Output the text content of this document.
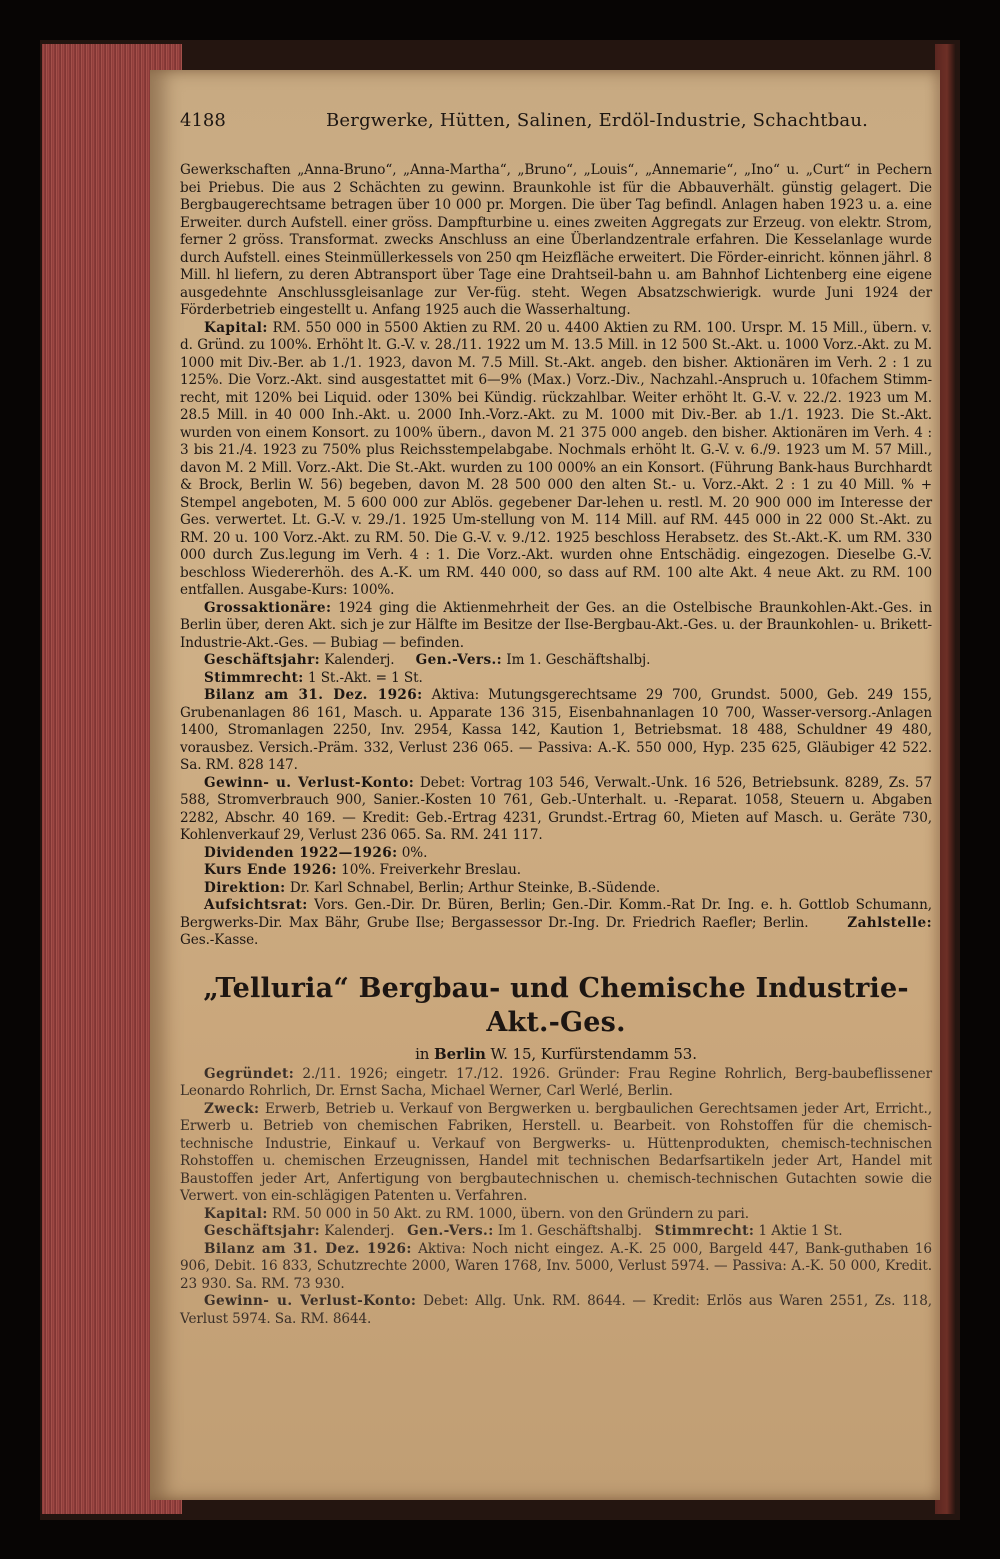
4188	Bergwerke, Hütten, Salinen, Erdöl-Industrie, Schachtbau.

Gewerkschaften „Anna-Bruno“, „Anna-Martha“, „Bruno“, „Louis“, „Annemarie“, „Ino“ u. „Curt“ in Pechern bei Priebus. Die aus 2 Schächten zu gewinn. Braunkohle ist für die Abbauverhält. günstig gelagert. Die Bergbaugerechtsame betragen über 10 000 pr. Morgen. Die über Tag befindl. Anlagen haben 1923 u. a. eine Erweiter. durch Aufstell. einer gröss. Dampfturbine u. eines zweiten Aggregats zur Erzeug. von elektr. Strom, ferner 2 gröss. Transformat. zwecks Anschluss an eine Überlandzentrale erfahren. Die Kesselanlage wurde durch Aufstell. eines Steinmüllerkessels von 250 qm Heizfläche erweitert. Die Förder-einricht. können jährl. 8 Mill. hl liefern, zu deren Abtransport über Tage eine Drahtseil-bahn u. am Bahnhof Lichtenberg eine eigene ausgedehnte Anschlussgleisanlage zur Ver-füg. steht. Wegen Absatzschwierigk. wurde Juni 1924 der Förderbetrieb eingestellt u. Anfang 1925 auch die Wasserhaltung.

Kapital: RM. 550 000 in 5500 Aktien zu RM. 20 u. 4400 Aktien zu RM. 100. Urspr. M. 15 Mill., übern. v. d. Gründ. zu 100%. Erhöht lt. G.-V. v. 28./11. 1922 um M. 13.5 Mill. in 12 500 St.-Akt. u. 1000 Vorz.-Akt. zu M. 1000 mit Div.-Ber. ab 1./1. 1923, davon M. 7.5 Mill. St.-Akt. angeb. den bisher. Aktionären im Verh. 2 : 1 zu 125%. Die Vorz.-Akt. sind ausgestattet mit 6—9% (Max.) Vorz.-Div., Nachzahl.-Anspruch u. 10fachem Stimm-recht, mit 120% bei Liquid. oder 130% bei Kündig. rückzahlbar. Weiter erhöht lt. G.-V. v. 22./2. 1923 um M. 28.5 Mill. in 40 000 Inh.-Akt. u. 2000 Inh.-Vorz.-Akt. zu M. 1000 mit Div.-Ber. ab 1./1. 1923. Die St.-Akt. wurden von einem Konsort. zu 100% übern., davon M. 21 375 000 angeb. den bisher. Aktionären im Verh. 4 : 3 bis 21./4. 1923 zu 750% plus Reichsstempelabgabe. Nochmals erhöht lt. G.-V. v. 6./9. 1923 um M. 57 Mill., davon M. 2 Mill. Vorz.-Akt. Die St.-Akt. wurden zu 100 000% an ein Konsort. (Führung Bank-haus Burchhardt & Brock, Berlin W. 56) begeben, davon M. 28 500 000 den alten St.- u. Vorz.-Akt. 2 : 1 zu 40 Mill. % + Stempel angeboten, M. 5 600 000 zur Ablös. gegebener Dar-lehen u. restl. M. 20 900 000 im Interesse der Ges. verwertet. Lt. G.-V. v. 29./1. 1925 Um-stellung von M. 114 Mill. auf RM. 445 000 in 22 000 St.-Akt. zu RM. 20 u. 100 Vorz.-Akt. zu RM. 50. Die G.-V. v. 9./12. 1925 beschloss Herabsetz. des St.-Akt.-K. um RM. 330 000 durch Zus.legung im Verh. 4 : 1. Die Vorz.-Akt. wurden ohne Entschädig. eingezogen. Dieselbe G.-V. beschloss Wiedererhöh. des A.-K. um RM. 440 000, so dass auf RM. 100 alte Akt. 4 neue Akt. zu RM. 100 entfallen. Ausgabe-Kurs: 100%.

Grossaktionäre: 1924 ging die Aktienmehrheit der Ges. an die Ostelbische Braunkohlen-Akt.-Ges. in Berlin über, deren Akt. sich je zur Hälfte im Besitze der Ilse-Bergbau-Akt.-Ges. u. der Braunkohlen- u. Brikett-Industrie-Akt.-Ges. — Bubiag — befinden.

Geschäftsjahr: Kalenderj. Gen.-Vers.: Im 1. Geschäftshalbj.

Stimmrecht: 1 St.-Akt. = 1 St.

Bilanz am 31. Dez. 1926: Aktiva: Mutungsgerechtsame 29 700, Grundst. 5000, Geb. 249 155, Grubenanlagen 86 161, Masch. u. Apparate 136 315, Eisenbahnanlagen 10 700, Wasser-versorg.-Anlagen 1400, Stromanlagen 2250, Inv. 2954, Kassa 142, Kaution 1, Betriebsmat. 18 488, Schuldner 49 480, vorausbez. Versich.-Präm. 332, Verlust 236 065. — Passiva: A.-K. 550 000, Hyp. 235 625, Gläubiger 42 522. Sa. RM. 828 147.

Gewinn- u. Verlust-Konto: Debet: Vortrag 103 546, Verwalt.-Unk. 16 526, Betriebsunk. 8289, Zs. 57 588, Stromverbrauch 900, Sanier.-Kosten 10 761, Geb.-Unterhalt. u. -Reparat. 1058, Steuern u. Abgaben 2282, Abschr. 40 169. — Kredit: Geb.-Ertrag 4231, Grundst.-Ertrag 60, Mieten auf Masch. u. Geräte 730, Kohlenverkauf 29, Verlust 236 065. Sa. RM. 241 117.

Dividenden 1922—1926: 0%.

Kurs Ende 1926: 10%. Freiverkehr Breslau.

Direktion: Dr. Karl Schnabel, Berlin; Arthur Steinke, B.-Südende.

Aufsichtsrat: Vors. Gen.-Dir. Dr. Büren, Berlin; Gen.-Dir. Komm.-Rat Dr. Ing. e. h. Gottlob Schumann, Bergwerks-Dir. Max Bähr, Grube Ilse; Bergassessor Dr.-Ing. Dr. Friedrich Raefler; Berlin.	Zahlstelle: Ges.-Kasse.

„Telluria“ Bergbau- und Chemische Industrie-Akt.-Ges.
in Berlin W. 15, Kurfürstendamm 53.

Gegründet: 2./11. 1926; eingetr. 17./12. 1926. Gründer: Frau Regine Rohrlich, Berg-baubeflissener Leonardo Rohrlich, Dr. Ernst Sacha, Michael Werner, Carl Werlé, Berlin.

Zweck: Erwerb, Betrieb u. Verkauf von Bergwerken u. bergbaulichen Gerechtsamen jeder Art, Erricht., Erwerb u. Betrieb von chemischen Fabriken, Herstell. u. Bearbeit. von Rohstoffen für die chemisch-technische Industrie, Einkauf u. Verkauf von Bergwerks- u. Hüttenprodukten, chemisch-technischen Rohstoffen u. chemischen Erzeugnissen, Handel mit technischen Bedarfsartikeln jeder Art, Handel mit Baustoffen jeder Art, Anfertigung von bergbautechnischen u. chemisch-technischen Gutachten sowie die Verwert. von ein-schlägigen Patenten u. Verfahren.

Kapital: RM. 50 000 in 50 Akt. zu RM. 1000, übern. von den Gründern zu pari.

Geschäftsjahr: Kalenderj. Gen.-Vers.: Im 1. Geschäftshalbj. Stimmrecht: 1 Aktie 1 St.

Bilanz am 31. Dez. 1926: Aktiva: Noch nicht eingez. A.-K. 25 000, Bargeld 447, Bank-guthaben 16 906, Debit. 16 833, Schutzrechte 2000, Waren 1768, Inv. 5000, Verlust 5974. — Passiva: A.-K. 50 000, Kredit. 23 930. Sa. RM. 73 930.

Gewinn- u. Verlust-Konto: Debet: Allg. Unk. RM. 8644. — Kredit: Erlös aus Waren 2551, Zs. 118, Verlust 5974. Sa. RM. 8644.
